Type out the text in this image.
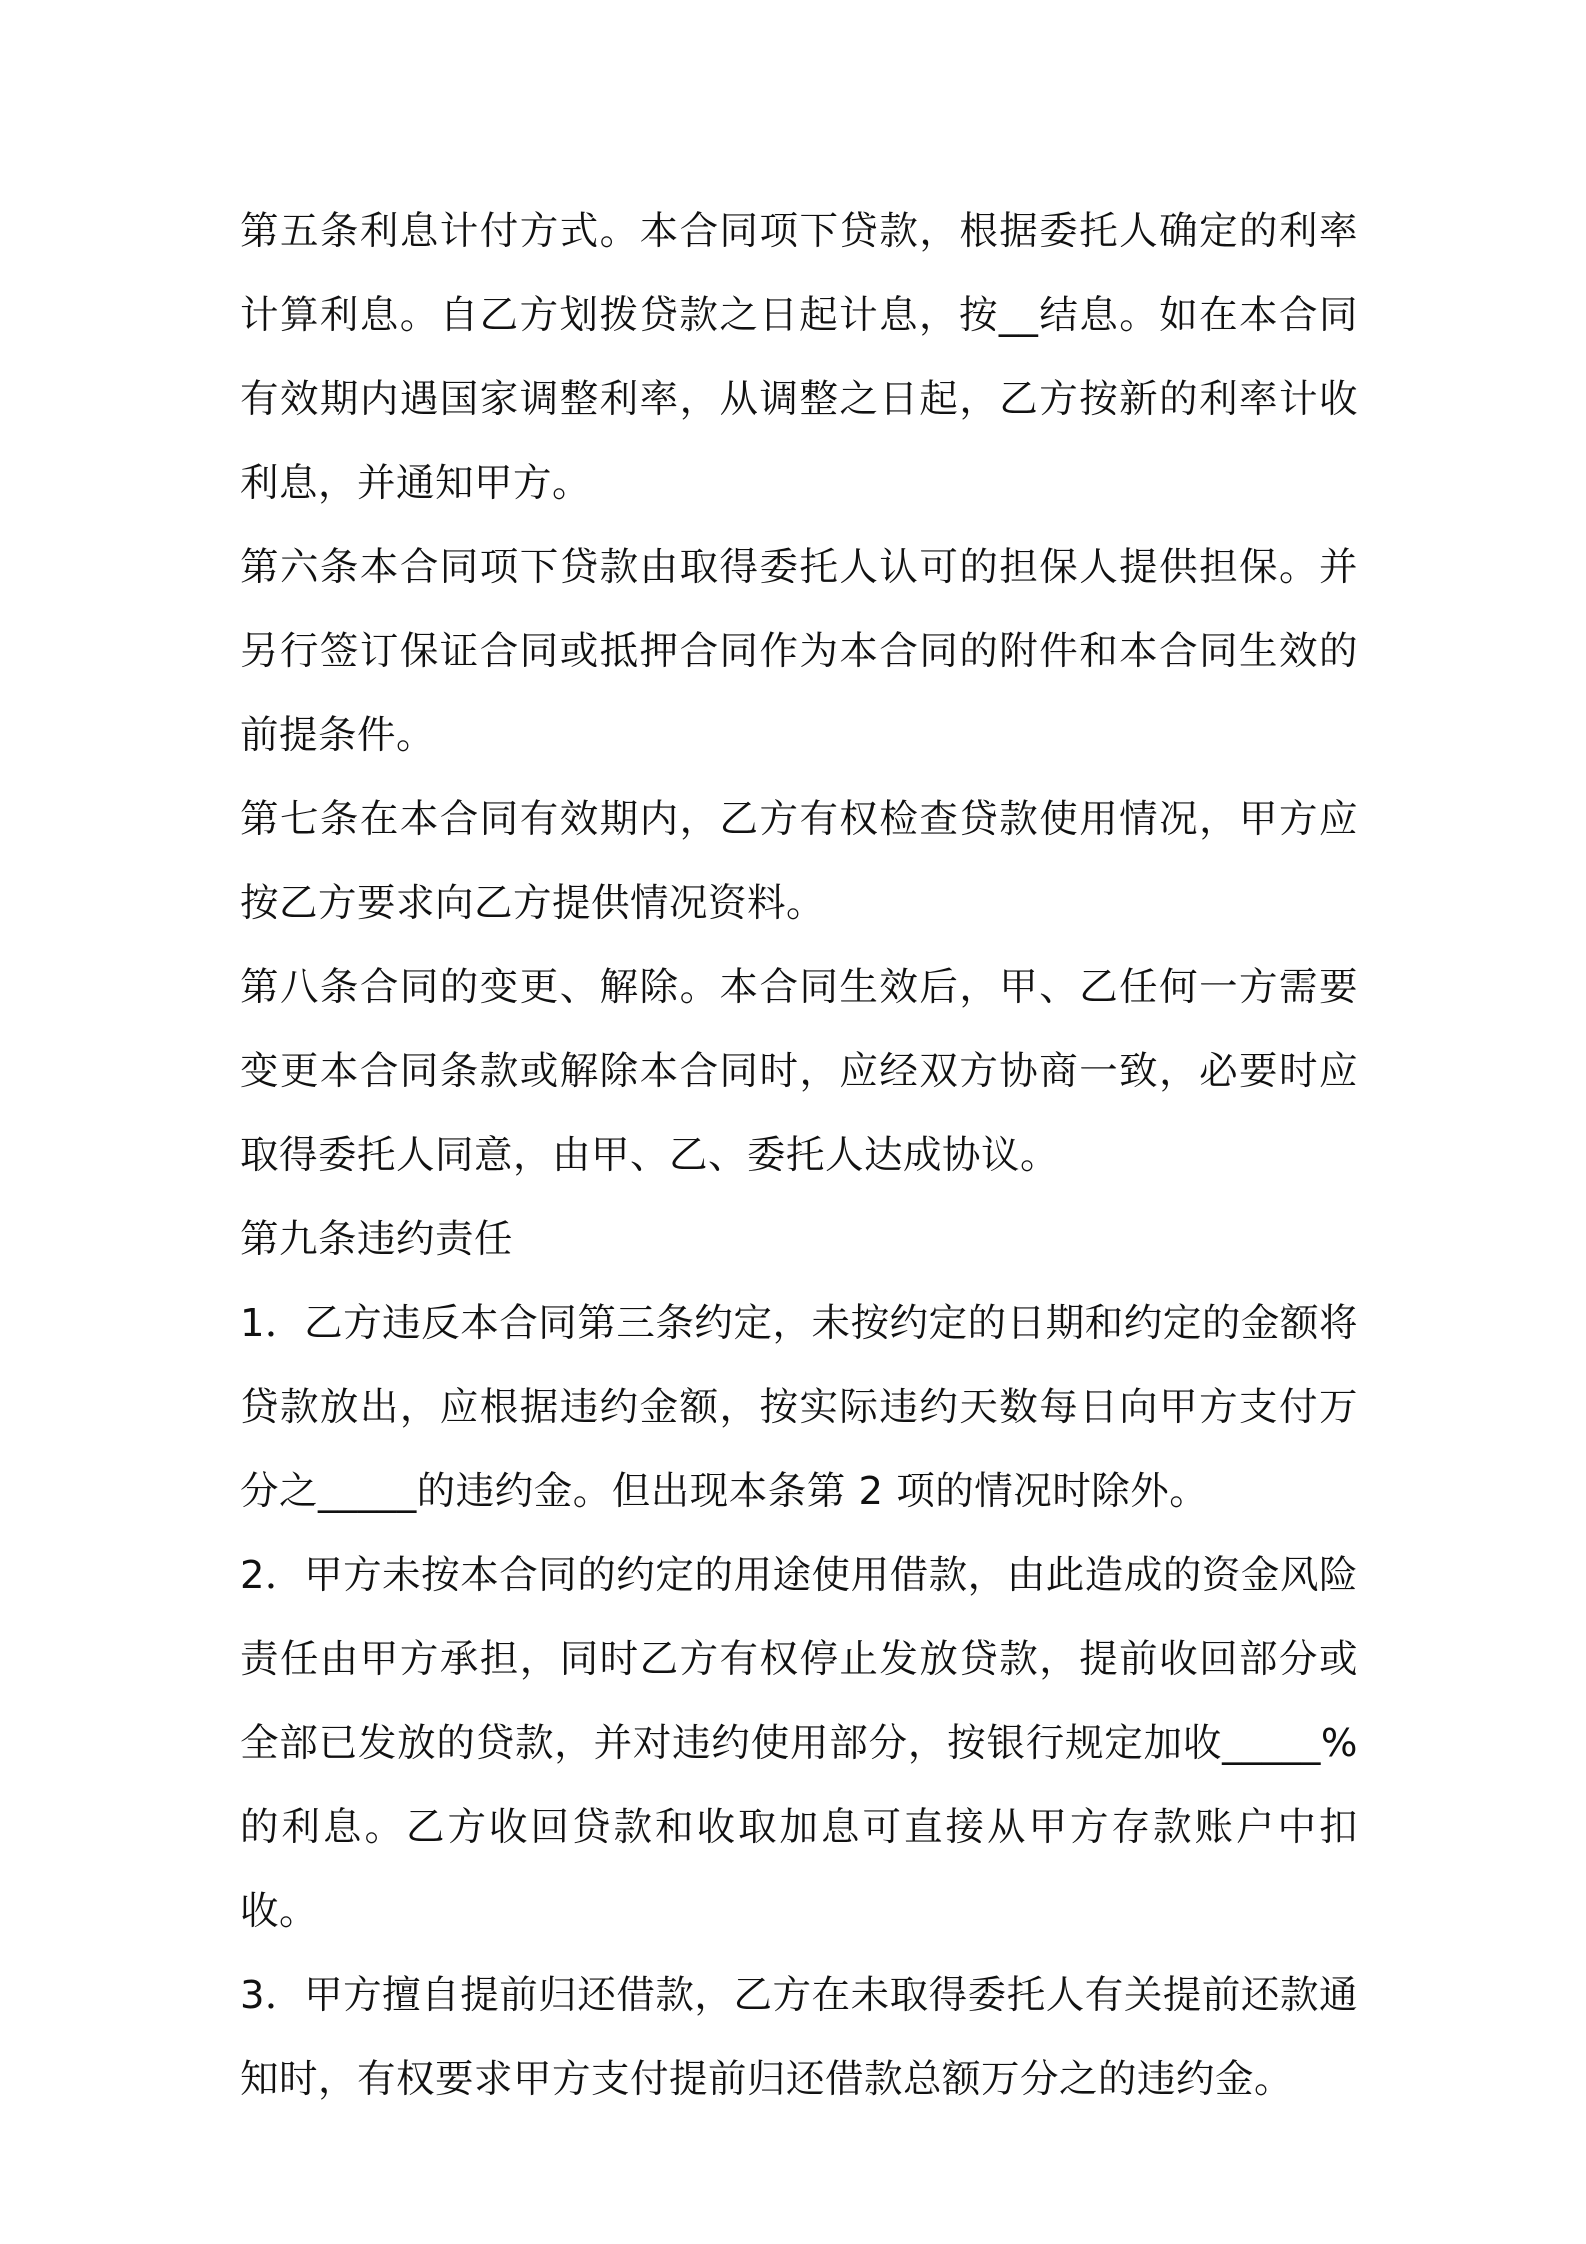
第五条利息计付方式。本合同项下贷款，根据委托人确定的利率计算利息。自乙方划拨贷款之日起计息，按__结息。如在本合同有效期内遇国家调整利率，从调整之日起，乙方按新的利率计收利息，并通知甲方。

第六条本合同项下贷款由取得委托人认可的担保人提供担保。并另行签订保证合同或抵押合同作为本合同的附件和本合同生效的前提条件。

第七条在本合同有效期内，乙方有权检查贷款使用情况，甲方应按乙方要求向乙方提供情况资料。

第八条合同的变更、解除。本合同生效后，甲、乙任何一方需要变更本合同条款或解除本合同时，应经双方协商一致，必要时应取得委托人同意，由甲、乙、委托人达成协议。

第九条违约责任

1．乙方违反本合同第三条约定，未按约定的日期和约定的金额将贷款放出，应根据违约金额，按实际违约天数每日向甲方支付万分之_____的违约金。但出现本条第 2 项的情况时除外。

2．甲方未按本合同的约定的用途使用借款，由此造成的资金风险责任由甲方承担，同时乙方有权停止发放贷款，提前收回部分或全部已发放的贷款，并对违约使用部分，按银行规定加收_____%的利息。乙方收回贷款和收取加息可直接从甲方存款账户中扣收。

3．甲方擅自提前归还借款，乙方在未取得委托人有关提前还款通知时，有权要求甲方支付提前归还借款总额万分之的违约金。
